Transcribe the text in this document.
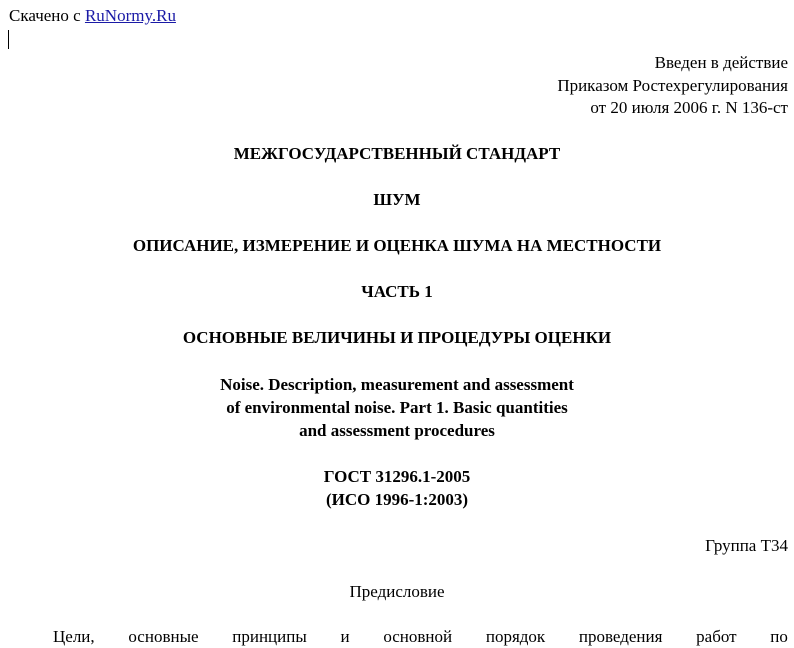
Скачено с RuNormy.Ru
Введен в действие
Приказом Ростехрегулирования
от 20 июля 2006 г. N 136-ст
МЕЖГОСУДАРСТВЕННЫЙ СТАНДАРТ
ШУМ
ОПИСАНИЕ, ИЗМЕРЕНИЕ И ОЦЕНКА ШУМА НА МЕСТНОСТИ
ЧАСТЬ 1
ОСНОВНЫЕ ВЕЛИЧИНЫ И ПРОЦЕДУРЫ ОЦЕНКИ
Noise. Description, measurement and assessment
of environmental noise. Part 1. Basic quantities
and assessment procedures
ГОСТ 31296.1-2005
(ИСО 1996-1:2003)
Группа Т34
Предисловие
Цели, основные принципы и основной порядок проведения работ по
